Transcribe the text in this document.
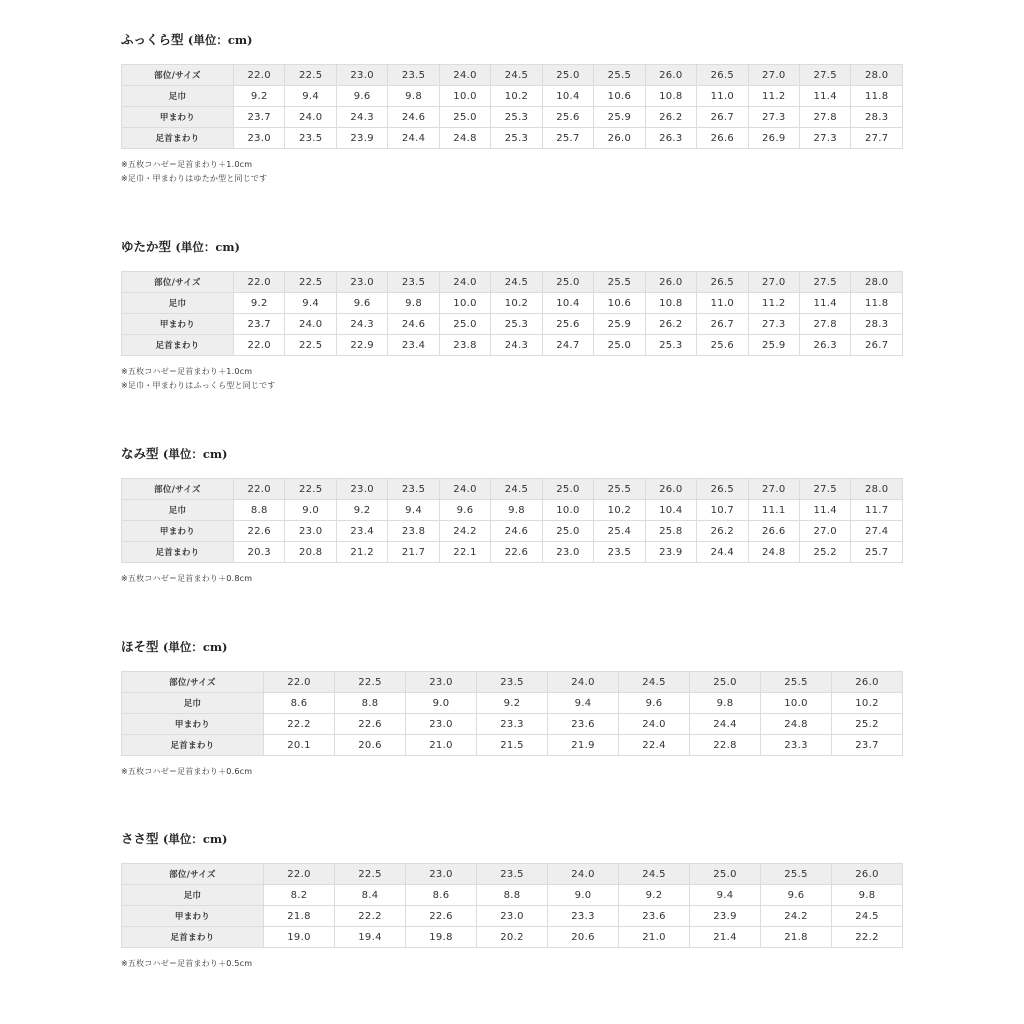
ふっくら型 (単位：cm)
部位/サイズ	22.0	22.5	23.0	23.5	24.0	24.5	25.0	25.5	26.0	26.5	27.0	27.5	28.0
足巾	9.2	9.4	9.6	9.8	10.0	10.2	10.4	10.6	10.8	11.0	11.2	11.4	11.8
甲まわり	23.7	24.0	24.3	24.6	25.0	25.3	25.6	25.9	26.2	26.7	27.3	27.8	28.3
足首まわり	23.0	23.5	23.9	24.4	24.8	25.3	25.7	26.0	26.3	26.6	26.9	27.3	27.7
※五枚コハゼ＝足首まわり＋1.0cm
※足巾・甲まわりはゆたか型と同じです
ゆたか型 (単位：cm)
部位/サイズ	22.0	22.5	23.0	23.5	24.0	24.5	25.0	25.5	26.0	26.5	27.0	27.5	28.0
足巾	9.2	9.4	9.6	9.8	10.0	10.2	10.4	10.6	10.8	11.0	11.2	11.4	11.8
甲まわり	23.7	24.0	24.3	24.6	25.0	25.3	25.6	25.9	26.2	26.7	27.3	27.8	28.3
足首まわり	22.0	22.5	22.9	23.4	23.8	24.3	24.7	25.0	25.3	25.6	25.9	26.3	26.7
※五枚コハゼ＝足首まわり＋1.0cm
※足巾・甲まわりはふっくら型と同じです
なみ型 (単位：cm)
部位/サイズ	22.0	22.5	23.0	23.5	24.0	24.5	25.0	25.5	26.0	26.5	27.0	27.5	28.0
足巾	8.8	9.0	9.2	9.4	9.6	9.8	10.0	10.2	10.4	10.7	11.1	11.4	11.7
甲まわり	22.6	23.0	23.4	23.8	24.2	24.6	25.0	25.4	25.8	26.2	26.6	27.0	27.4
足首まわり	20.3	20.8	21.2	21.7	22.1	22.6	23.0	23.5	23.9	24.4	24.8	25.2	25.7
※五枚コハゼ＝足首まわり＋0.8cm
ほそ型 (単位：cm)
部位/サイズ	22.0	22.5	23.0	23.5	24.0	24.5	25.0	25.5	26.0
足巾	8.6	8.8	9.0	9.2	9.4	9.6	9.8	10.0	10.2
甲まわり	22.2	22.6	23.0	23.3	23.6	24.0	24.4	24.8	25.2
足首まわり	20.1	20.6	21.0	21.5	21.9	22.4	22.8	23.3	23.7
※五枚コハゼ＝足首まわり＋0.6cm
ささ型 (単位：cm)
部位/サイズ	22.0	22.5	23.0	23.5	24.0	24.5	25.0	25.5	26.0
足巾	8.2	8.4	8.6	8.8	9.0	9.2	9.4	9.6	9.8
甲まわり	21.8	22.2	22.6	23.0	23.3	23.6	23.9	24.2	24.5
足首まわり	19.0	19.4	19.8	20.2	20.6	21.0	21.4	21.8	22.2
※五枚コハゼ＝足首まわり＋0.5cm
